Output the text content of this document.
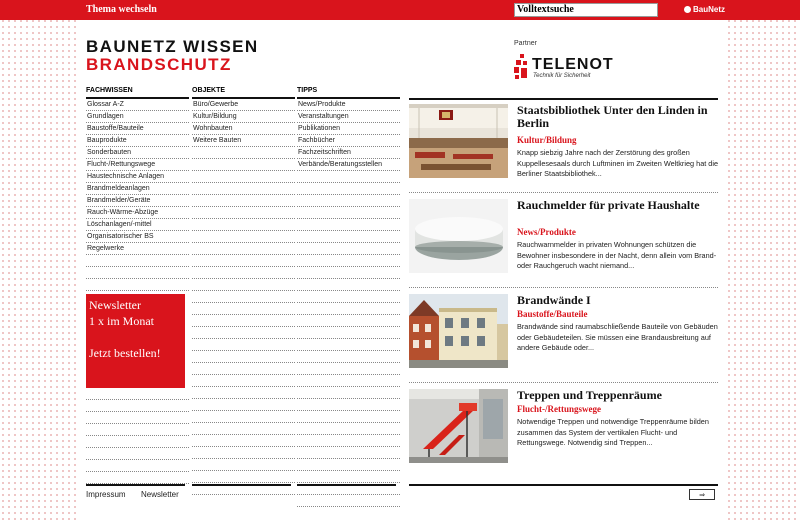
Thema wechseln
Volltextsuche	BauNetz
BAUNETZ WISSEN
BRANDSCHUTZ
Partner
TELENOT
Technik für Sicherheit
FACHWISSEN
Glossar A-Z
Grundlagen
Baustoffe/Bauteile
Bauprodukte
Sonderbauten
Flucht-/Rettungswege
Haustechnische Anlagen
Brandmeldeanlagen
Brandmelder/Geräte
Rauch-Wärme-Abzüge
Löschanlagen/-mittel
Organisatorischer BS
Regelwerke
OBJEKTE
Büro/Gewerbe
Kultur/Bildung
Wohnbauten
Weitere Bauten
TIPPS
News/Produkte
Veranstaltungen
Publikationen
Fachbücher
Fachzeitschriften
Verbände/Beratungsstellen
Newsletter
1 x im Monat
Jetzt bestellen!
Staatsbibliothek Unter den Linden in Berlin
Kultur/Bildung
Knapp siebzig Jahre nach der Zerstörung des großen Kuppellesesaals durch Luftminen im Zweiten Weltkrieg hat die Berliner Staatsbibliothek...
Rauchmelder für private Haushalte
News/Produkte
Rauchwarnmelder in privaten Wohnungen schützen die Bewohner insbesondere in der Nacht, denn allein vom Brand- oder Rauchgeruch wacht niemand...
Brandwände I
Baustoffe/Bauteile
Brandwände sind raumabschließende Bauteile von Gebäuden oder Gebäudeteilen. Sie müssen eine Brandausbreitung auf andere Gebäude oder...
Treppen und Treppenräume
Flucht-/Rettungswege
Notwendige Treppen und notwendige Treppenräume bilden zusammen das System der vertikalen Flucht- und Rettungswege. Notwendig sind Treppen...
Impressum Newsletter	⇒
